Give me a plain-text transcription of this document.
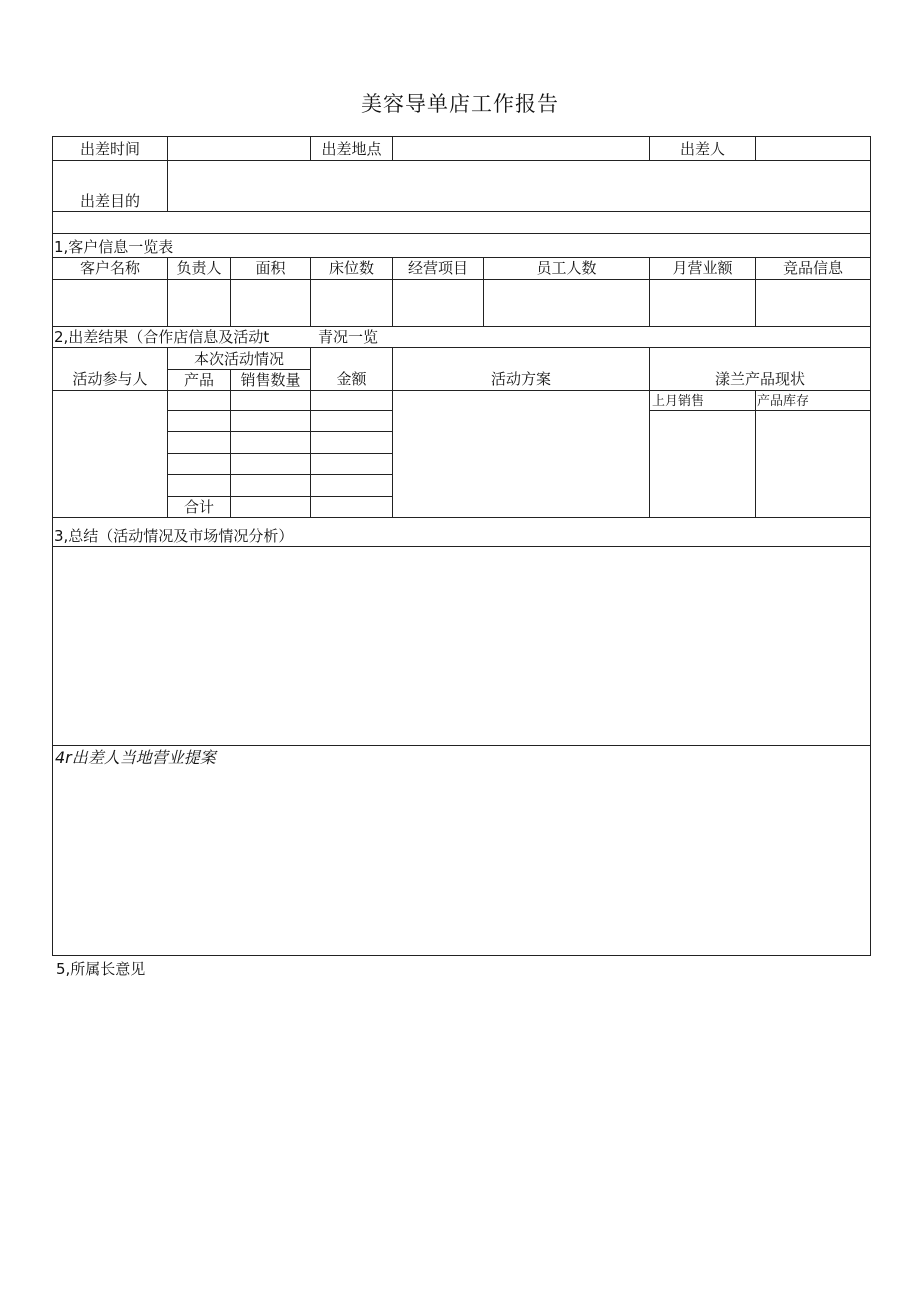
美容导单店工作报告
出差时间	出差地点	出差人
出差目的
1,客户信息一览表
客户名称	负责人	面积	床位数	经营项目	员工人数	月营业额	竞品信息
2,出差结果（合作店信息及活动t	青况一览
活动参与人
本次活动情况
产品	销售数量	金额	活动方案	漾兰产品现状
上月销售	产品库存
合计
3,总结（活动情况及市场情况分析）
4r出差人当地营业提案
5,所属长意见
